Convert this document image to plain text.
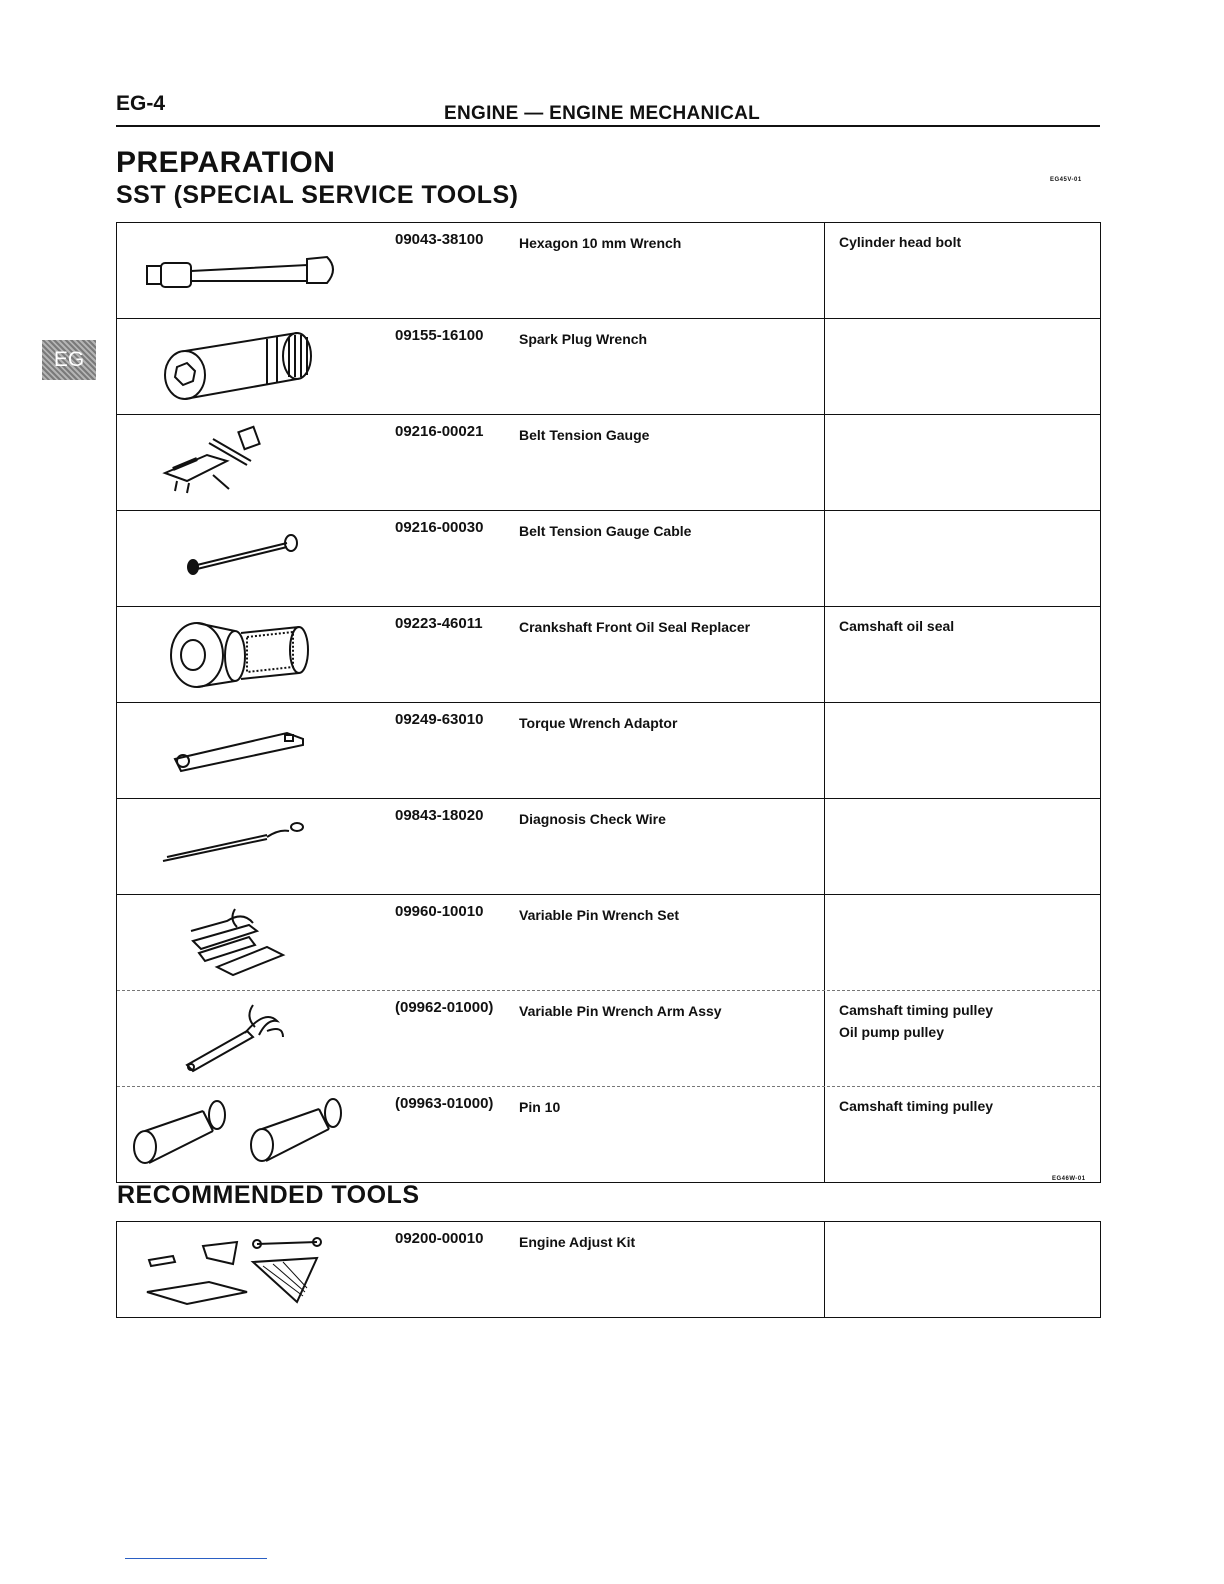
EG-4	ENGINE — ENGINE MECHANICAL
PREPARATION
SST (SPECIAL SERVICE TOOLS)
EG45V-01
EG
09043-38100	Hexagon 10 mm Wrench	Cylinder head bolt
09155-16100	Spark Plug Wrench
09216-00021	Belt Tension Gauge
09216-00030	Belt Tension Gauge Cable
09223-46011	Crankshaft Front Oil Seal Replacer	Camshaft oil seal
09249-63010	Torque Wrench Adaptor
09843-18020	Diagnosis Check Wire
09960-10010	Variable Pin Wrench Set
(09962-01000)	Variable Pin Wrench Arm Assy	Camshaft timing pulley
Oil pump pulley
(09963-01000)	Pin 10	Camshaft timing pulley
RECOMMENDED TOOLS
EG46W-01
09200-00010	Engine Adjust Kit
